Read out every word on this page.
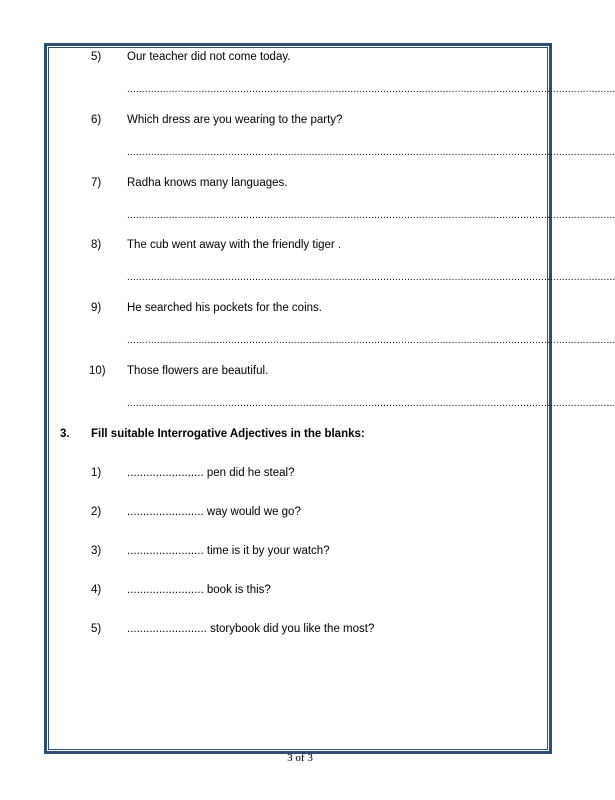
5) Our teacher did not come today.
....................................................................................................................................................................
6) Which dress are you wearing to the party?
....................................................................................................................................................................
7) Radha knows many languages.
....................................................................................................................................................................
8) The cub went away with the friendly tiger .
....................................................................................................................................................................
9) He searched his pockets for the coins.
....................................................................................................................................................................
10) Those flowers are beautiful.
....................................................................................................................................................................
3. Fill suitable Interrogative Adjectives in the blanks:
1) ........................ pen did he steal?
2) ........................ way would we go?
3) ........................ time is it by your watch?
4) ........................ book is this?
5) ......................... storybook did you like the most?
3 of 3
